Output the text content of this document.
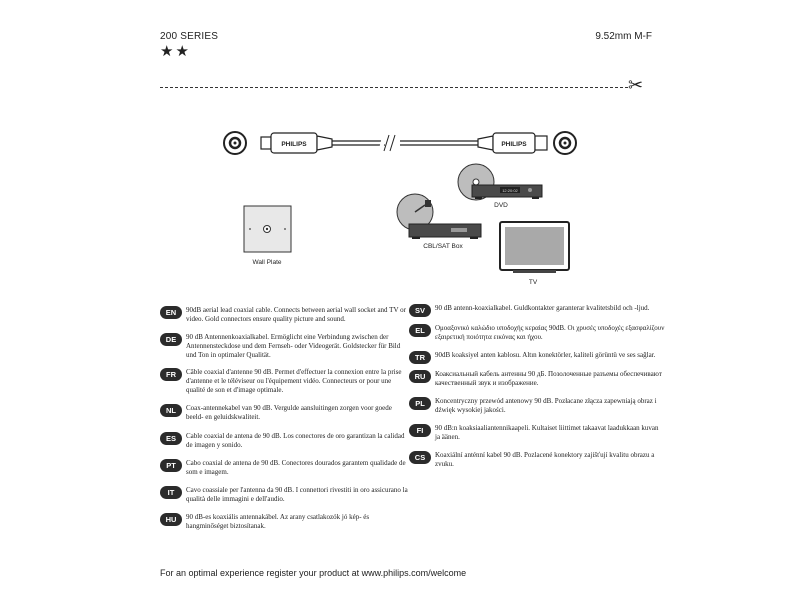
200 SERIES
★★
9.52mm M-F
✂
PHILIPS	PHILIPS
Wall Plate
CBL/SAT Box
12:20:02
DVD
TV
EN	90dB aerial lead coaxial cable. Connects between aerial wall socket and TV or video. Gold connectors ensure quality picture and sound.
DE	90 dB Antennenkoaxialkabel. Ermöglicht eine Verbindung zwischen der Antennensteckdose und dem Fernseh- oder Videogerät. Goldstecker für Bild und Ton in optimaler Qualität.
FR	Câble coaxial d'antenne 90 dB. Permet d'effectuer la connexion entre la prise d'antenne et le téléviseur ou l'équipement vidéo. Connecteurs or pour une qualité de son et d'image optimale.
NL	Coax-antennekabel van 90 dB. Vergulde aansluitingen zorgen voor goede beeld- en geluidskwaliteit.
ES	Cable coaxial de antena de 90 dB. Los conectores de oro garantizan la calidad de imagen y sonido.
PT	Cabo coaxial de antena de 90 dB. Conectores dourados garantem qualidade de som e imagem.
IT	Cavo coassiale per l'antenna da 90 dB. I connettori rivestiti in oro assicurano la qualità delle immagini e dell'audio.
HU	90 dB-es koaxiális antennakábel. Az arany csatlakozók jó kép- és hangminőséget biztosítanak.
SV	90 dB antenn-koaxialkabel. Guldkontakter garanterar kvalitetsbild och -ljud.
EL	Ομοαξονικό καλώδιο υποδοχής κεραίας 90dB. Οι χρυσές υποδοχές εξασφαλίζουν εξαιρετική ποιότητα εικόνας και ήχου.
TR	90dB koaksiyel anten kablosu. Altın konektörler, kaliteli görüntü ve ses sağlar.
RU	Коаксиальный кабель антенны 90 дБ. Позолоченные разъемы обеспечивают качественный звук и изображение.
PL	Koncentryczny przewód antenowy 90 dB. Pozłacane złącza zapewniają obraz i dźwięk wysokiej jakości.
FI	90 dB:n koaksiaaliantennikaapeli. Kultaiset liittimet takaavat laadukkaan kuvan ja äänen.
CS	Koaxiální anténní kabel 90 dB. Pozlacené konektory zajišťují kvalitu obrazu a zvuku.
For an optimal experience register your product at www.philips.com/welcome
